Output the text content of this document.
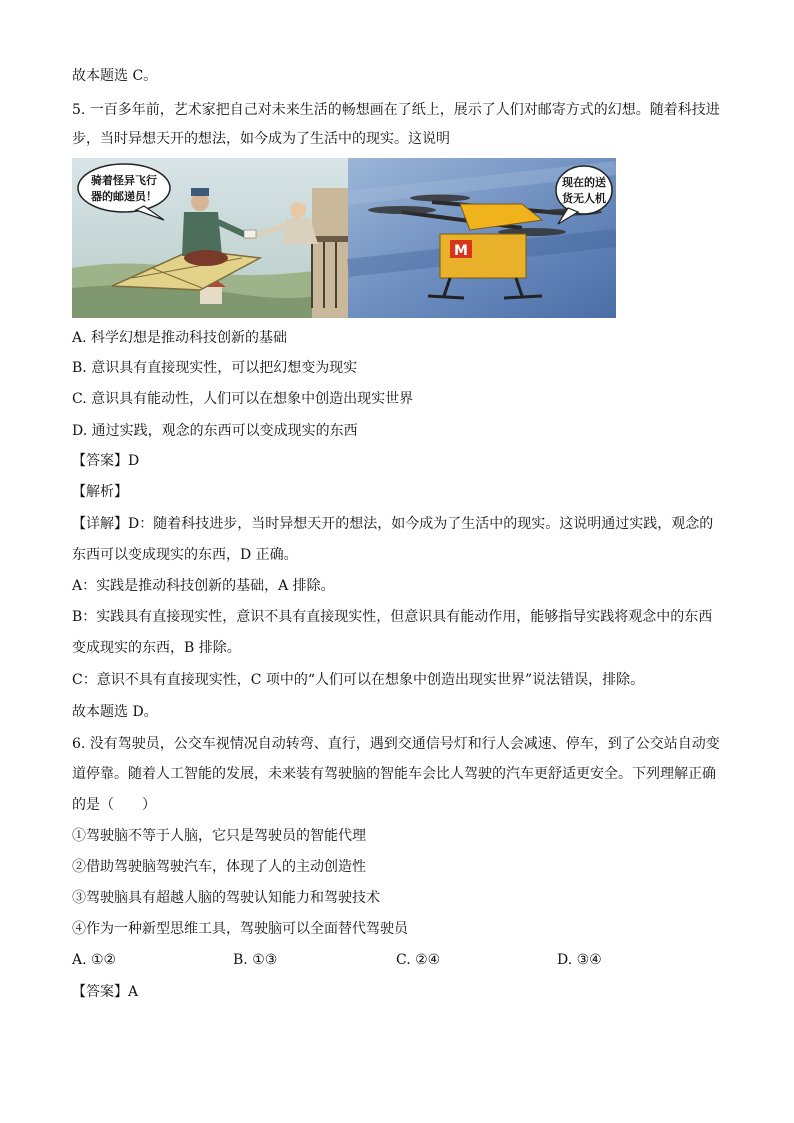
故本题选 C。
5. 一百多年前，艺术家把自己对未来生活的畅想画在了纸上，展示了人们对邮寄方式的幻想。随着科技进
步，当时异想天开的想法，如今成为了生活中的现实。这说明
骑着怪异飞行
器的邮递员！
M
现在的送
货无人机
A. 科学幻想是推动科技创新的基础
B. 意识具有直接现实性，可以把幻想变为现实
C. 意识具有能动性，人们可以在想象中创造出现实世界
D. 通过实践，观念的东西可以变成现实的东西
【答案】D
【解析】
【详解】D：随着科技进步，当时异想天开的想法，如今成为了生活中的现实。这说明通过实践，观念的
东西可以变成现实的东西，D 正确。
A：实践是推动科技创新的基础，A 排除。
B：实践具有直接现实性，意识不具有直接现实性，但意识具有能动作用，能够指导实践将观念中的东西
变成现实的东西，B 排除。
C：意识不具有直接现实性，C 项中的“人们可以在想象中创造出现实世界”说法错误，排除。
故本题选 D。
6. 没有驾驶员，公交车视情况自动转弯、直行，遇到交通信号灯和行人会减速、停车，到了公交站自动变
道停靠。随着人工智能的发展，未来装有驾驶脑的智能车会比人驾驶的汽车更舒适更安全。下列理解正确
的是（　　）
①驾驶脑不等于人脑，它只是驾驶员的智能代理
②借助驾驶脑驾驶汽车，体现了人的主动创造性
③驾驶脑具有超越人脑的驾驶认知能力和驾驶技术
④作为一种新型思维工具，驾驶脑可以全面替代驾驶员
A. ①②	B. ①③	C. ②④	D. ③④
【答案】A
